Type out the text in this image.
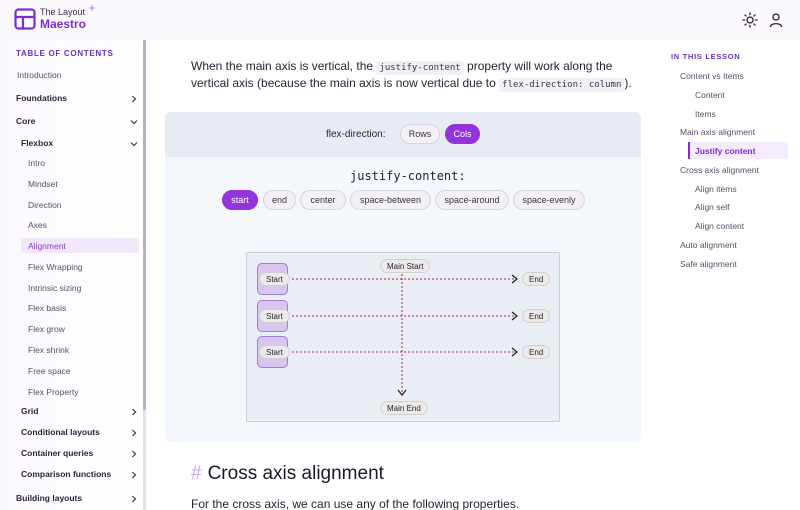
The Layout
Maestro
TABLE OF CONTENTS
Introduction
Foundations
Core
Flexbox
Intro
Mindset
Direction
Axes
Alignment
Flex Wrapping
Intrinsic sizing
Flex basis
Flex grow
Flex shrink
Free space
Flex Property
Grid
Conditional layouts
Container queries
Comparison functions
Building layouts
When the main axis is vertical, the justify-content property will work along the
vertical axis (because the main axis is now vertical due to flex-direction: column ).
flex-direction:	Rows	Cols
justify-content:
start	end	center	space-between	space-around	space-evenly
Main Start
Main End
Start
Start
Start
End
End
End
# Cross axis alignment
For the cross axis, we can use any of the following properties.
IN THIS LESSON
Content vs Items
Content
Items
Main axis alignment
Justify content
Cross axis alignment
Align items
Align self
Align content
Auto alignment
Safe alignment
